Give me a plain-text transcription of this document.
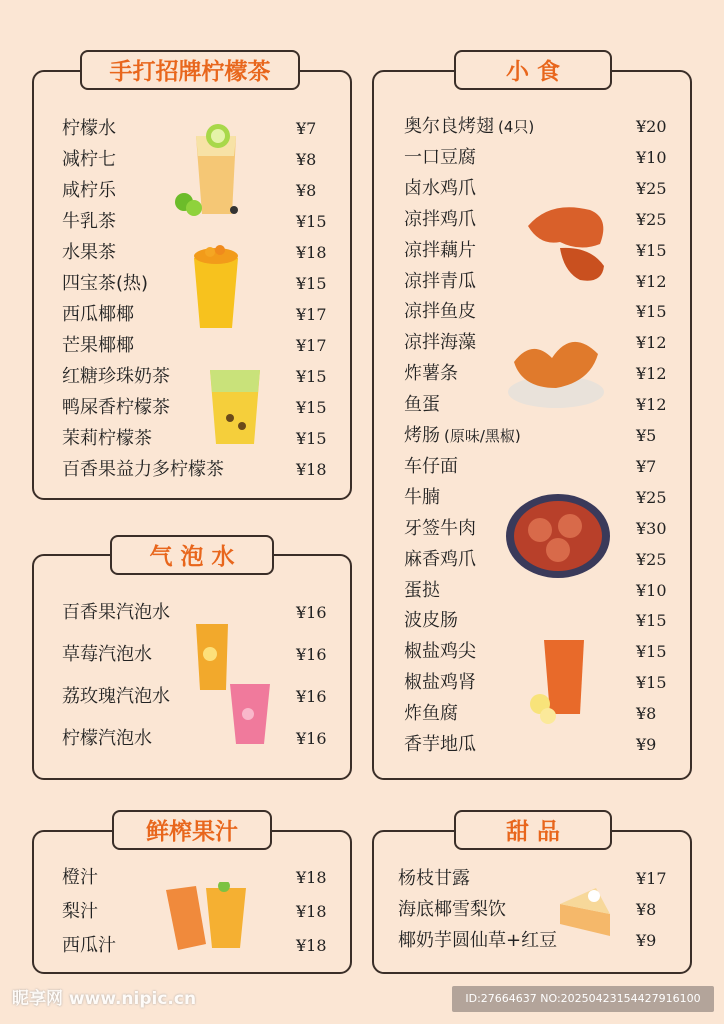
手打招牌柠檬茶
柠檬水	¥7
减柠七	¥8
咸柠乐	¥8
牛乳茶	¥15
水果茶	¥18
四宝茶(热)	¥15
西瓜椰椰	¥17
芒果椰椰	¥17
红糖珍珠奶茶	¥15
鸭屎香柠檬茶	¥15
茉莉柠檬茶	¥15
百香果益力多柠檬茶	¥18
气 泡 水
百香果汽泡水	¥16
草莓汽泡水	¥16
荔玫瑰汽泡水	¥16
柠檬汽泡水	¥16
鲜榨果汁
橙汁	¥18
梨汁	¥18
西瓜汁	¥18
小 食
奥尔良烤翅 (4只)	¥20
一口豆腐	¥10
卤水鸡爪	¥25
凉拌鸡爪	¥25
凉拌藕片	¥15
凉拌青瓜	¥12
凉拌鱼皮	¥15
凉拌海藻	¥12
炸薯条	¥12
鱼蛋	¥12
烤肠 (原味/黑椒)	¥5
车仔面	¥7
牛腩	¥25
牙签牛肉	¥30
麻香鸡爪	¥25
蛋挞	¥10
波皮肠	¥15
椒盐鸡尖	¥15
椒盐鸡肾	¥15
炸鱼腐	¥8
香芋地瓜	¥9
甜 品
杨枝甘露	¥17
海底椰雪梨饮	¥8
椰奶芋圆仙草+红豆	¥9
昵享网 www.nipic.cn	ID:27664637 NO:20250423154427916100
